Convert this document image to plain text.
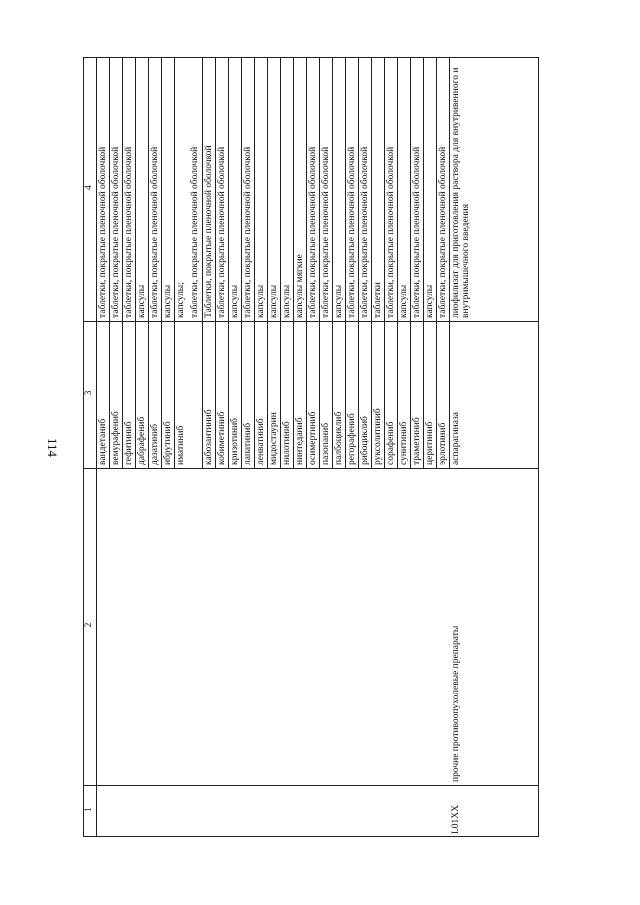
114
4
3
2
1
вандетаниб
таблетки, покрытые пленочной оболочкой
вемурафениб
таблетки, покрытые пленочной оболочкой
гефитиниб
таблетки, покрытые пленочной оболочкой
дабрафениб
капсулы
дазатиниб
таблетки, покрытые пленочной оболочкой
ибрутиниб
капсулы
иматиниб
капсулы; таблетки, покрытые пленочной оболочкой
кабозантиниб
Таблетки, покрытые пленочной оболочкой
кобиметиниб
таблетки, покрытые пленочной оболочкой
кризотиниб
капсулы
лапатиниб
таблетки, покрытые пленочной оболочкой
ленватиниб
капсулы
мидостаурин
капсулы
нилотиниб
капсулы
нинтеданиб
капсулы мягкие
осимертиниб
таблетки, покрытые пленочной оболочкой
пазопаниб
таблетки, покрытые пленочной оболочкой
палбоциклиб
капсулы
регорафениб
таблетки, покрытые пленочной оболочкой
рибоциклиб
таблетки, покрытые пленочной оболочкой
руксолитиниб
таблетки
сорафениб
таблетки, покрытые пленочной оболочкой
сунитиниб
капсулы
траметиниб
таблетки, покрытые пленочной оболочкой
церитиниб
капсулы
эрлотиниб
таблетки, покрытые пленочной оболочкой
аспарагиназа
лиофилизат для приготовления раствора для внутривенного и внутримышечного введения
L01XX
прочие противоопухолевые препараты
